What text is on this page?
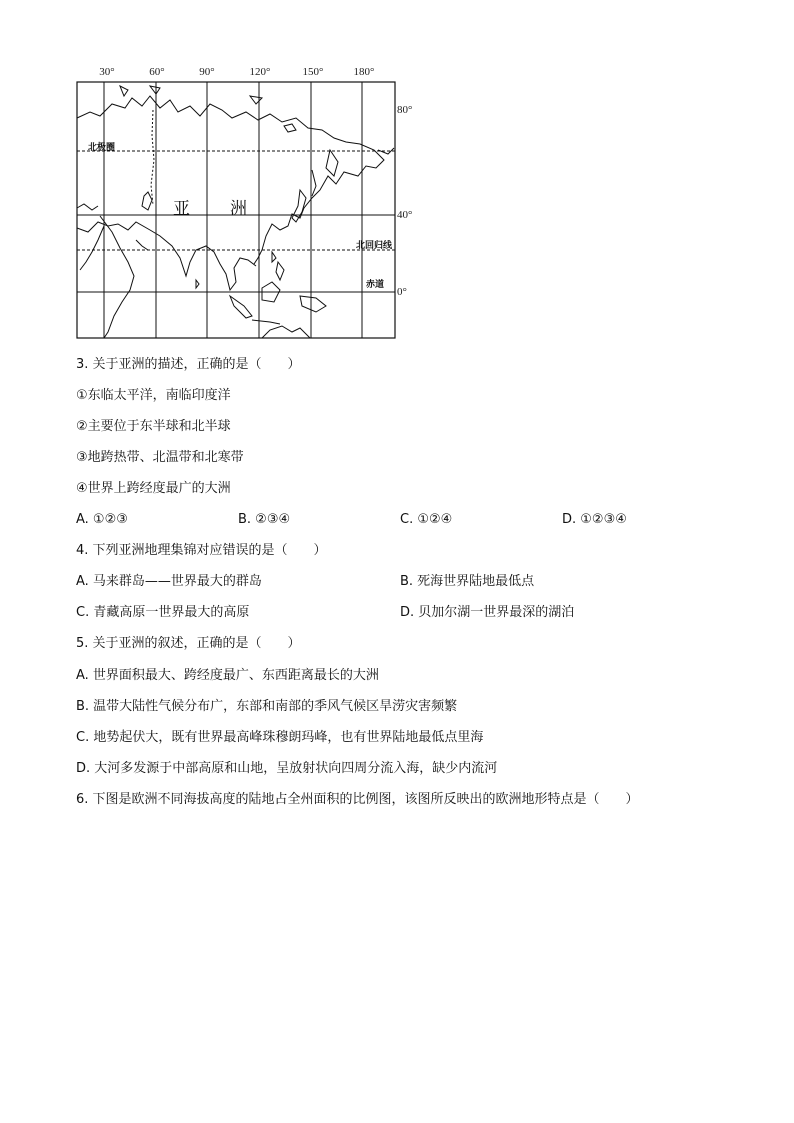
30°	60°	90°	120°	150°	180°
80°
40°
0°
北极圈
北回归线
赤道
亚 洲
3. 关于亚洲的描述，正确的是（　　）
①东临太平洋，南临印度洋
②主要位于东半球和北半球
③地跨热带、北温带和北寒带
④世界上跨经度最广的大洲
A. ①②③	B. ②③④	C. ①②④	D. ①②③④
4. 下列亚洲地理集锦对应错误的是（　　）
A. 马来群岛——世界最大的群岛	B. 死海世界陆地最低点
C. 青藏高原一世界最大的高原	D. 贝加尔湖一世界最深的湖泊
5. 关于亚洲的叙述，正确的是（　　）
A. 世界面积最大、跨经度最广、东西距离最长的大洲
B. 温带大陆性气候分布广，东部和南部的季风气候区旱涝灾害频繁
C. 地势起伏大，既有世界最高峰珠穆朗玛峰，也有世界陆地最低点里海
D. 大河多发源于中部高原和山地，呈放射状向四周分流入海，缺少内流河
6. 下图是欧洲不同海拔高度的陆地占全州面积的比例图，该图所反映出的欧洲地形特点是（　　）
